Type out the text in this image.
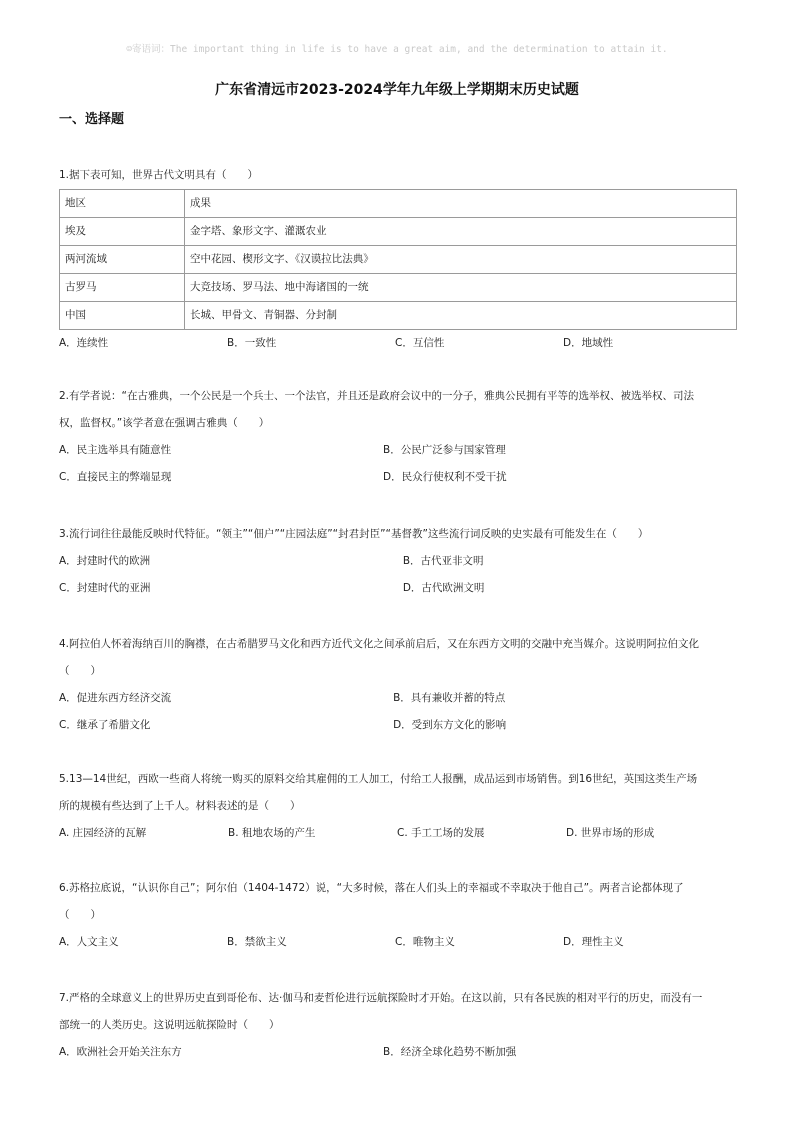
☺寄语词：The important thing in life is to have a great aim, and the determination to attain it.
广东省清远市2023-2024学年九年级上学期期末历史试题
一、选择题
1.据下表可知，世界古代文明具有（　　）
地区	成果
埃及	金字塔、象形文字、灌溉农业
两河流域	空中花园、楔形文字、《汉谟拉比法典》
古罗马	大竞技场、罗马法、地中海诸国的一统
中国	长城、甲骨文、青铜器、分封制
A．连续性	B．一致性	C．互信性	D．地域性
2.有学者说：“在古雅典，一个公民是一个兵士、一个法官，并且还是政府会议中的一分子，雅典公民拥有平等的选举权、被选举权、司法
权，监督权。”该学者意在强调古雅典（　　）
A．民主选举具有随意性	B．公民广泛参与国家管理
C．直接民主的弊端显现	D．民众行使权利不受干扰
3.流行词往往最能反映时代特征。“领主”“佃户”“庄园法庭”“封君封臣”“基督教”这些流行词反映的史实最有可能发生在（　　）
A．封建时代的欧洲	B．古代亚非文明
C．封建时代的亚洲	D．古代欧洲文明
4.阿拉伯人怀着海纳百川的胸襟，在古希腊罗马文化和西方近代文化之间承前启后，又在东西方文明的交融中充当媒介。这说明阿拉伯文化
（　　）
A．促进东西方经济交流	B．具有兼收并蓄的特点
C．继承了希腊文化	D．受到东方文化的影响
5.13—14世纪，西欧一些商人将统一购买的原料交给其雇佣的工人加工，付给工人报酬，成品运到市场销售。到16世纪，英国这类生产场
所的规模有些达到了上千人。材料表述的是（　　）
A. 庄园经济的瓦解	B. 租地农场的产生	C. 手工工场的发展	D. 世界市场的形成
6.苏格拉底说，“认识你自己”；阿尔伯（1404-1472）说，“大多时候，落在人们头上的幸福或不幸取决于他自己”。两者言论都体现了
（　　）
A．人文主义	B．禁欲主义	C．唯物主义	D．理性主义
7.严格的全球意义上的世界历史直到哥伦布、达·伽马和麦哲伦进行远航探险时才开始。在这以前，只有各民族的相对平行的历史，而没有一
部统一的人类历史。这说明远航探险时（　　）
A．欧洲社会开始关注东方	B．经济全球化趋势不断加强
